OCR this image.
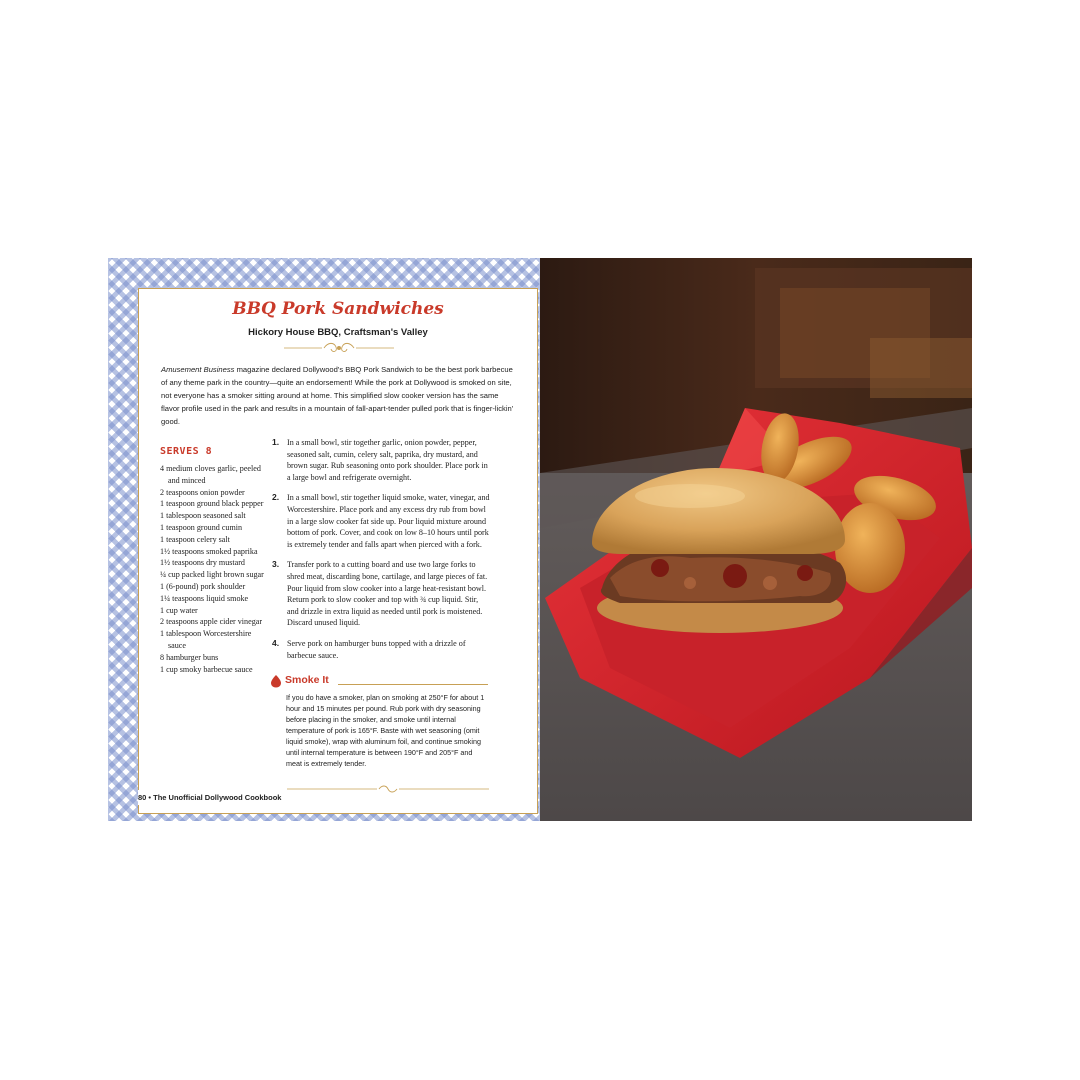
BBQ Pork Sandwiches
Hickory House BBQ, Craftsman's Valley

Amusement Business magazine declared Dollywood's BBQ Pork Sandwich to be the best pork barbecue of any theme park in the country—quite an endorsement! While the pork at Dollywood is smoked on site, not everyone has a smoker sitting around at home. This simplified slow cooker version has the same flavor profile used in the park and results in a mountain of fall-apart-tender pulled pork that is finger-lickin' good.

SERVES 8
4 medium cloves garlic, peeled and minced
2 teaspoons onion powder
1 teaspoon ground black pepper
1 tablespoon seasoned salt
1 teaspoon ground cumin
1 teaspoon celery salt
1½ teaspoons smoked paprika
1½ teaspoons dry mustard
¼ cup packed light brown sugar
1 (6-pound) pork shoulder
1¼ teaspoons liquid smoke
1 cup water
2 teaspoons apple cider vinegar
1 tablespoon Worcestershire sauce
8 hamburger buns
1 cup smoky barbecue sauce
1. In a small bowl, stir together garlic, onion powder, pepper, seasoned salt, cumin, celery salt, paprika, dry mustard, and brown sugar. Rub seasoning onto pork shoulder. Place pork in a large bowl and refrigerate overnight.
2. In a small bowl, stir together liquid smoke, water, vinegar, and Worcestershire. Place pork and any excess dry rub from bowl in a large slow cooker fat side up. Pour liquid mixture around bottom of pork. Cover, and cook on low 8–10 hours until pork is extremely tender and falls apart when pierced with a fork.
3. Transfer pork to a cutting board and use two large forks to shred meat, discarding bone, cartilage, and large pieces of fat. Pour liquid from slow cooker into a large heat-resistant bowl. Return pork to slow cooker and top with ¾ cup liquid. Stir, and drizzle in extra liquid as needed until pork is moistened. Discard unused liquid.
4. Serve pork on hamburger buns topped with a drizzle of barbecue sauce.
Smoke It

If you do have a smoker, plan on smoking at 250°F for about 1 hour and 15 minutes per pound. Rub pork with dry seasoning before placing in the smoker, and smoke until internal temperature of pork is 165°F. Baste with wet seasoning (omit liquid smoke), wrap with aluminum foil, and continue smoking until internal temperature is between 190°F and 205°F and meat is extremely tender.

80 • The Unofficial Dollywood Cookbook
